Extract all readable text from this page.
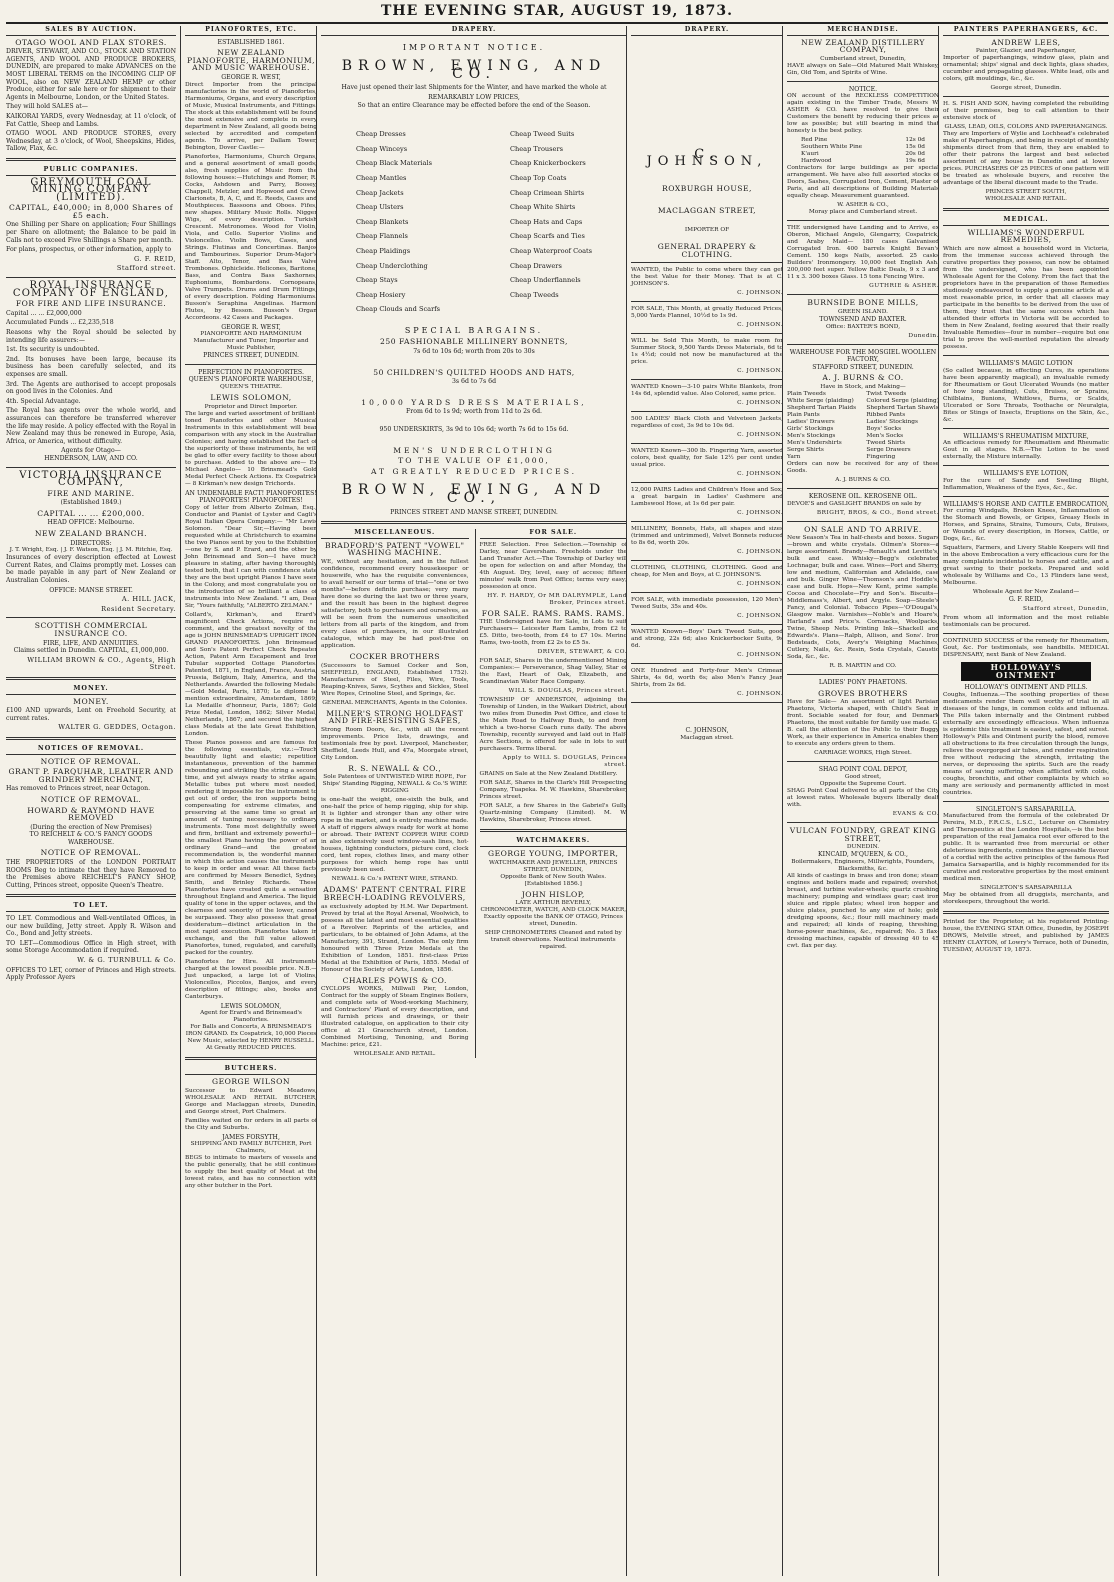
THE EVENING STAR, AUGUST 19, 1873.
SALES BY AUCTION.
OTAGO WOOL AND FLAX STORES.

DRIVER, STEWART, AND CO., STOCK AND STATION AGENTS, AND WOOL AND PRODUCE BROKERS, DUNEDIN, are prepared to make ADVANCES on the MOST LIBERAL TERMS on the INCOMING CLIP OF WOOL, also on NEW ZEALAND HEMP or other Produce, either for sale here or for shipment to their Agents in Melbourne, London, or the United States.

They will hold SALES at—

KAIKORAI YARDS, every Wednesday, at 11 o'clock, of Fat Cattle, Sheep and Lambs.

OTAGO WOOL AND PRODUCE STORES, every Wednesday, at 3 o'clock, of Wool, Sheepskins, Hides, Tallow, Flax, &c.

PUBLIC COMPANIES.
GREYMOUTH COAL MINING COMPANY (LIMITED).
CAPITAL, £40,000; in 8,000 Shares of £5 each.

One Shilling per Share on application; Four Shillings per Share on allotment; the Balance to be paid in Calls not to exceed Five Shillings a Share per month.

For plans, prospectus, or other information, apply to

G. F. REID,
Stafford street.
ROYAL INSURANCE COMPANY OF ENGLAND,
FOR FIRE AND LIFE INSURANCE.

Capital ... ... £2,000,000

Accumulated Funds ... £2,235,518

Reasons why the Royal should be selected by intending life assurers:—

1st. Its security is undoubted.

2nd. Its bonuses have been large, because its business has been carefully selected, and its expenses are small.

3rd. The Agents are authorised to accept proposals on good lives in the Colonies. And

4th. Special Advantage.

The Royal has agents over the whole world, and assurances can therefore be transferred wherever the life may reside. A policy effected with the Royal in New Zealand may thus be renewed in Europe, Asia, Africa, or America, without difficulty.

Agents for Otago—
HENDERSON, LAW, AND CO.
VICTORIA INSURANCE COMPANY,
FIRE AND MARINE.
(Established 1849.)
CAPITAL ... ... £200,000.
HEAD OFFICE: Melbourne.
NEW ZEALAND BRANCH.
DIRECTORS:
J. T. Wright, Esq. | J. F. Watson, Esq. | J. M. Ritchie, Esq.

Insurances of every description effected at Lowest Current Rates, and Claims promptly met. Losses can be made payable in any part of New Zealand or Australian Colonies.

OFFICE: MANSE STREET.
A. HILL JACK,
Resident Secretary.
SCOTTISH COMMERCIAL INSURANCE CO.
FIRE, LIFE, AND ANNUITIES.
Claims settled in Dunedin. CAPITAL, £1,000,000.
WILLIAM BROWN & CO., Agents, High Street.
MONEY.
MONEY.

£100 AND upwards, Lent on Freehold Security, at current rates.

WALTER G. GEDDES, Octagon.
NOTICES OF REMOVAL.
NOTICE OF REMOVAL.
GRANT P. FARQUHAR, LEATHER AND GRINDERY MERCHANT,

Has removed to Princes street, near Octagon.

NOTICE OF REMOVAL.
HOWARD & RAYMOND HAVE REMOVED
(During the erection of New Premises)
TO REICHELT & CO.'S FANCY GOODS WAREHOUSE.
NOTICE OF REMOVAL.

THE PROPRIETORS of the LONDON PORTRAIT ROOMS Beg to intimate that they have Removed to the Premises above REICHELT'S FANCY SHOP, Cutting, Princes street, opposite Queen's Theatre.

TO LET.

TO LET. Commodious and Well-ventilated Offices, in our new building, Jetty street. Apply R. Wilson and Co., Bond and Jetty streets.

TO LET—Commodious Office in High street, with some Storage Accommodation if required.

W. & G. TURNBULL & Co.

OFFICES TO LET, corner of Princes and High streets. Apply Professor Ayers

PIANOFORTES, ETC.
ESTABLISHED 1861.
NEW ZEALAND PIANOFORTE, HARMONIUM, AND MUSIC WAREHOUSE.
GEORGE R. WEST,

Direct Importer from the principal manufactories in the world of Pianofortes, Harmoniums, Organs, and every description of Music, Musical Instruments, and Fittings. The stock at this establishment will be found the most extensive and complete in every department in New Zealand, all goods being selected by accredited and competent agents. To arrive, per Dallam Tower, Bebington, Dover Castle:—

Pianofortes, Harmoniums, Church Organs, and a general assortment of small goods; also, fresh supplies of Music from the following houses:—Hutchings and Romer, R. Cocks, Ashdown and Parry, Boosey, Chappell, Metzler, and Hopwood and Crew. Clarionets, B, A, C, and E. Reeds, Cases and Mouthpieces. Bassoons and Oboes. Fifes, new shapes. Military Music Rolls. Nigger Wigs, of every description. Turkish Crescent. Metronomes. Wood for Violin, Viola, and Cello. Superior Violins and Violoncellos. Violin Bows, Cases, and Strings. Flutinas and Concertinas. Banjos and Tambourines. Superior Drum-Major's Staff. Alto, Tenor, and Bass Valve Trombones. Ophicleide. Helicones, Baritone, Bass, and Contra Bass Saxhornes, Euphoniums, Bombardons. Cornopeans, Valve Trumpets. Drums and Drum Fittings, of every description. Folding Harmoniums. Busson's Seraphina Angelinas. Harmoni Flutes, by Besson. Busson's Organ Accordeons. 42 Cases and Packages.

GEORGE R. WEST,
PIANOFORTE AND HARMONIUM Manufacturer and Tuner, Importer and Music Publisher,
PRINCES STREET, DUNEDIN.
PERFECTION IN PIANOFORTES.
QUEEN'S PIANOFORTE WAREHOUSE,
QUEEN'S THEATRE.
LEWIS SOLOMON,
Proprietor and Direct Importer.

The large and varied assortment of brilliant-toned Pianofortes and other Musical Instruments in this establishment will bear comparison with any stock in the Australian Colonies; and having established the fact of the superiority of these instruments, he will be glad to offer every facility to those about to purchase. Added to the above are— Ex Michael Angelo— 10 Brinsmead's Gold Medal Perfect Check Actions. Ex Cospatrick— 8 Kirkman's new design Trichords.

AN UNDENIABLE FACT! PIANOFORTES! PIANOFORTES! PIANOFORTES!

Copy of letter from Alberto Zelman, Esq., Conductor and Pianist of Lyster and Cagli's Royal Italian Opera Company:— "Mr Lewis Solomon. "Dear Sir,—Having been requested while at Christchurch to examine the two Pianos sent by you to the Exhibition—one by S. and P. Erard, and the other by John Brinsmead and Son—I have much pleasure in stating, after having thoroughly tested both, that I can with confidence state they are the best upright Pianos I have seen in the Colony, and most congratulate you on the introduction of so brilliant a class of instruments into New Zealand. "I am, Dear Sir, "Yours faithfully, "ALBERTO ZELMAN."

Collard's, Kirkman's, and Erard's magnificent Check Actions, require no comment, and the greatest novelty of the age is JOHN BRINSMEAD'S UPRIGHT IRON GRAND PIANOFORTES. John Brinsmead and Son's Patent Perfect Check Repeater Action, Patent Arm Escapement and Iron Tubular supported Cottage Pianofortes. Patented, 1871, in England, France, Austria, Prussia, Belgium, Italy, America, and the Netherlands. Awarded the following Medals:—Gold Medal, Paris, 1870; Le diplome la mention extraordinaire, Amsterdam, 1869; La Medaille d'honneur, Paris, 1867; Gold Prize Medal, London, 1862; Silver Medal, Netherlands, 1867; and secured the highest class Medals at the late Great Exhibition, London.

These Pianos possess and are famous for the following essentials, viz.:—Touch beautifully light and elastic; repetition instantaneous, prevention of the hammer rebounding and striking the string a second time, and yet always ready to strike again; Metallic tubes put where most needed, rendering it impossible for the instrument to get out of order, the iron supports being compensating for extreme climates, and preserving at the same time so great an amount of tuning necessary to ordinary instruments. Tone most delightfully sweet and firm, brilliant and extremely powerful—the smallest Piano having the power of an ordinary Grand—and the greatest recommendation is, the wonderful manner in which this action causes the instruments to keep in order and wear. All these facts are confirmed by Messrs Benedict, Sydney Smith, and Brinley Richards. These Pianofortes have created quite a sensation throughout England and America. The liquid quality of tone in the upper octaves, and the clearness and sonority of the lower, cannot be surpassed. They also possess that great desideratum—distinct articulation in the most rapid execution. Pianofortes taken in exchange, and the full value allowed. Pianofortes, tuned, regulated, and carefully packed for the country.

Pianofortes for Hire. All instruments charged at the lowest possible price. N.B.—Just unpacked, a large lot of Violins, Violoncellos, Piccolos, Banjos, and every description of fittings; also, books and Canterburys.

LEWIS SOLOMON,
Agent for Erard's and Brinsmead's Pianofortes.

For Balls and Concerts, A BRINSMEAD'S IRON GRAND. Ex Cospatrick, 10,000 Pieces New Music, selected by HENRY RUSSELL. At Greatly REDUCED PRICES.

BUTCHERS.
GEORGE WILSON

Successor to Edward Meadows, WHOLESALE AND RETAIL BUTCHER, George and Maclaggan streets, Dunedin, and George street, Port Chalmers.

Families waited on for orders in all parts of the City and Suburbs.

JAMES FORSYTH,
SHIPPING AND FAMILY BUTCHER, Port Chalmers,

BEGS to intimate to masters of vessels and the public generally, that he still continues to supply the best quality of Meat at the lowest rates, and has no connection with any other butcher in the Port.

DRAPERY.
IMPORTANT NOTICE.
BROWN, EWING, AND CO.

Have just opened their last Shipments for the Winter, and have marked the whole at

REMARKABLY LOW PRICES,

So that an entire Clearance may be effected before the end of the Season.

Cheap Dresses
Cheap Winceys
Cheap Black Materials
Cheap Mantles
Cheap Jackets
Cheap Ulsters
Cheap Blankets
Cheap Flannels
Cheap Plaidings
Cheap Underclothing
Cheap Stays
Cheap Hosiery
Cheap Clouds and Scarfs
Cheap Tweed Suits
Cheap Trousers
Cheap Knickerbockers
Cheap Top Coats
Cheap Crimean Shirts
Cheap White Shirts
Cheap Hats and Caps
Cheap Scarfs and Ties
Cheap Waterproof Coats
Cheap Drawers
Cheap Underflannels
Cheap Tweeds
SPECIAL BARGAINS.
250 FASHIONABLE MILLINERY BONNETS,
7s 6d to 10s 6d; worth from 20s to 30s
50 CHILDREN'S QUILTED HOODS AND HATS,
3s 6d to 7s 6d
10,000 YARDS DRESS MATERIALS,
From 6d to 1s 9d; worth from 11d to 2s 6d.
950 UNDERSKIRTS, 3s 9d to 10s 6d; worth 7s 6d to 15s 6d.
MEN'S UNDERCLOTHING
TO THE VALUE OF £1,000,
AT GREATLY REDUCED PRICES.
BROWN, EWING, AND CO.,
PRINCES STREET AND MANSE STREET, DUNEDIN.
MISCELLANEOUS.
BRADFORD'S PATENT "VOWEL" WASHING MACHINE.

WE, without any hesitation, and in the fullest confidence, recommend every housekeeper or housewife, who has the requisite conveniences, to avail herself or our terms of trial—"one or two months"—before definite purchase; very many have done so during the last two or three years, and the result has been in the highest degree satisfactory, both to purchasers and ourselves, as will be seen from the numerous unsolicited letters from all parts of the kingdom, and from every class of purchasers, in our illustrated catalogue, which may be had post-free on application.

COCKER BROTHERS

(Successors to Samuel Cocker and Son, SHEFFIELD, ENGLAND, Established 1752). Manufacturers of Steel, Files, Wire, Tools, Reaping-Knives, Saws, Scythes and Sickles, Steel Wire Ropes, Crinoline Steel, and Springs, &c.

GENERAL MERCHANTS, Agents in the Colonies.
MILNER'S STRONG HOLDFAST AND FIRE-RESISTING SAFES,

Strong Room Doors, &c., with all the recent improvements. Price lists, drawings, and testimonials free by post. Liverpool, Manchester, Sheffield, Leeds Hull, and 47a, Moorgate street, City London.

R. S. NEWALL & CO.,

Sole Patentees of UNTWISTED WIRE ROPE, For Ships' Standing Rigging, NEWALL & Co.'S WIRE RIGGING

is one-half the weight, one-sixth the bulk, and one-half the price of hemp rigging, ship for ship. It is lighter and stronger than any other wire rope in the market, and is entirely machine made. A staff of riggers always ready for work at home or abroad. Their PATENT COPPER WIRE CORD in also extensively used window-sash lines, hot-houses, lightning conductors, picture cord, clock cord, tent ropes, clothes lines, and many other purposes for which hemp rope has until previously been used.

NEWALL & Co.'s PATENT WIRE, STRAND.
ADAMS' PATENT CENTRAL FIRE BREECH-LOADING REVOLVERS,

as exclusively adopted by H.M. War Department. Proved by trial at the Royal Arsenal, Woolwich, to possess all the latest and most essential qualities of a Revolver. Reprints of the articles, and particulars, to be obtained of John Adams, at the Manufactory, 391, Strand, London. The only firm honoured with Three Prize Medals at the Exhibition of London, 1851. first-class Prize Medal at the Exhibition of Paris, 1855. Medal of Honour of the Society of Arts, London, 1856.

CHARLES POWIS & CO.

CYCLOPS WORKS, Millwall Pier, London, Contract for the supply of Steam Engines Boilers, and complete sets of Wood-working Machinery, and Contractors' Plant of every description, and will furnish prices and drawings, or their illustrated catalogue, on application to their city office at 21 Gracechurch street, London. Combined Mortising, Tenoning, and Boring Machine: price, £21.

WHOLESALE AND RETAIL.
FOR SALE.

FREE Selection. Free Selection.—Township of Darley, near Caversham. Freeholds under the Land Transfer Act.—The Township of Darley will be open for selection on and after Monday, the 4th August. Dry, level, easy of access; fifteen minutes' walk from Post Office; terms very easy; possession at once.

HY. F. HARDY, Or MR DALRYMPLE, Land Broker, Princes street.
FOR SALE. RAMS. RAMS. RAMS.

THE Undersigned have for Sale, in Lots to suit Purchasers— Leicester Ram Lambs, from £2 to £5. Ditto, two-tooth, from £4 to £7 10s. Merino Rams, two-tooth, from £2 2s to £5 5s.

DRIVER, STEWART, & CO.

FOR SALE, Shares in the undermentioned Mining Companies:— Perseverance, Shag Valley, Star of the East, Heart of Oak, Elizabeth, and Scandinavian Water Race Company.

WILL S. DOUGLAS, Princes street.

TOWNSHIP OF ANDERSTON, adjoining the Township of Linden, in the Waikari District, about two miles from Dunedin Post Office, and close to the Main Road to Halfway Bush, to and from which a two-horse Coach runs daily. The above Township, recently surveyed and laid out in Half-Acre Sections, is offered for sale in lots to suit purchasers. Terms liberal.

Apply to WILL S. DOUGLAS, Princes street.

GRAINS on Sale at the New Zealand Distillery.

FOR SALE, Shares in the Clark's Hill Prospecting Company, Tuapeka. M. W. Hawkins, Sharebroker, Princes street.

FOR SALE, a few Shares in the Gabriel's Gully Quartz-mining Company (Limited). M. W. Hawkins, Sharebroker, Princes street.

WATCHMAKERS.
GEORGE YOUNG, IMPORTER,
WATCHMAKER AND JEWELLER, PRINCES STREET, DUNEDIN,
Opposite Bank of New South Wales.
[Established 1856.]
JOHN HISLOP,
LATE ARTHUR BEVERLY,
CHRONOMETER, WATCH, AND CLOCK MAKER,

Exactly opposite the BANK OF OTAGO, Princes street, Dunedin.

SHIP CHRONOMETERS Cleaned and rated by transit observations. Nautical instruments repaired.

DRAPERY.
C. JOHNSON,
ROXBURGH HOUSE,
MACLAGGAN STREET,
IMPORTER OF
GENERAL DRAPERY & CLOTHING.

WANTED, the Public to come where they can get the best Value for their Money. That is at C. JOHNSON'S.

C. JOHNSON.

FOR SALE, This Month, at greatly Reduced Prices, 5,000 Yards Flannel, 10½d to 1s 9d.

C. JOHNSON.

WILL be Sold This Month, to make room for Summer Stock, 9,500 Yards Dress Materials, 6d to 1s 4½d; could not now be manufactured at the price.

C. JOHNSON.

WANTED Known—3-10 pairs White Blankets, from 14s 6d, splendid value. Also Colored, same price.

C. JOHNSON.

500 LADIES' Black Cloth and Velveteen Jackets, regardless of cost, 3s 9d to 10s 6d.

C. JOHNSON.

WANTED Known—300 lb. Fingering Yarn, assorted colors, best quality, for Sale 12½ per cent under usual price.

C. JOHNSON.

12,000 PAIRS Ladies and Children's Hose and Sox; a great bargain in Ladies' Cashmere and Lambswool Hose, at 1s 6d per pair.

C. JOHNSON.

MILLINERY, Bonnets, Hats, all shapes and sizes (trimmed and untrimmed), Velvet Bonnets reduced to 8s 6d, worth 20s.

C. JOHNSON.

CLOTHING, CLOTHING, CLOTHING. Good and cheap, for Men and Boys, at C. JOHNSON'S.

C. JOHNSON.

FOR SALE, with immediate possession, 120 Men's Tweed Suits, 35s and 40s.

C. JOHNSON.

WANTED Known—Boys' Dark Tweed Suits, good and strong, 22s 6d; also Knickerbocker Suits, 9s 6d.

C. JOHNSON.

ONE Hundred and Forty-four Men's Crimean Shirts, 4s 6d, worth 6s; also Men's Fancy Jean Shirts, from 2s 6d.

C. JOHNSON.
C. JOHNSON,
Maclaggan street.
MERCHANDISE.
NEW ZEALAND DISTILLERY COMPANY,
Cumberland street, Dunedin,

HAVE always on Sale—Old Matured Malt Whiskey, Gin, Old Tom, and Spirits of Wine.

NOTICE.

ON account of the RECKLESS COMPETITION again existing in the Timber Trade, Messrs W. ASHER & CO. have resolved to give their Customers the benefit by reducing their prices as low as possible; but still bearing in mind that honesty is the best policy.

Red Pine	12s 0d
Southern White Pine	15s 0d
K'auri	20s 0d
Hardwood	19s 6d

Contractors for large buildings as per special arrangement. We have also full assorted stocks of Doors, Sashes, Corrugated Iron, Cement, Plaster of Paris, and all descriptions of Building Materials equally cheap. Measurement guaranteed.

W. ASHER & CO.,
Moray place and Cumberland street.

THE undersigned have Landing and to Arrive, ex Oberon, Michael Angelo, Glengarry, Cospatrick, and Araby Maid— 180 cases Galvanised Corrugated Iron. 400 barrels Knight Bevan's Cement. 150 kegs Nails, assorted. 25 casks Builders' Ironmongery. 10,000 feet English Ash. 200,000 feet super. Yellow Baltic Deals, 9 x 3 and 11 x 3. 300 boxes Glass. 15 tons Fencing Wire.

GUTHRIE & ASHER.
BURNSIDE BONE MILLS,
GREEN ISLAND.
TOWNSEND AND BAXTER.
Office: BAXTER'S BOND,
Dunedin.
WAREHOUSE FOR THE MOSGIEL WOOLLEN FACTORY,
STAFFORD STREET, DUNEDIN.
A. J. BURNS & CO.
Have in Stock, and Making—
Plain Tweeds
White Serge (plaiding)
Shepherd Tartan Plaids
Plain Pants
Ladies' Drawers
Girls' Stockings
Men's Stockings
Men's Undershirts
Serge Shirts
Yarn
Twist Tweeds
Colored Serge (plaiding)
Shepherd Tartan Shawls
Ribbed Pants
Ladies' Stockings
Boys' Socks
Men's Socks
Tweed Shirts
Serge Drawers
Fingering

Orders can now be received for any of these Goods.

A. J. BURNS & CO.
KEROSENE OIL. KEROSENE OIL.

DEVOE'S and GASLIGHT BRANDS on sale by

BRIGHT, BROS, & CO., Bond street.
ON SALE AND TO ARRIVE.

New Season's Tea in half-chests and boxes. Sugars—brown and white crystals. Oilmen's Stores—a large assortment. Brandy—Renault's and Levitte's, bulk and case. Whisky—Begg's celebrated Lochnagar, bulk and case. Wines—Port and Sherry, low and medium, Californian and Adelaide, case and bulk. Ginger Wine—Thomson's and Hoddle's, case and bulk. Hops—New Kent, prime sample. Cocoa and Chocolate—Fry and Son's. Biscuits—Middlemass's, Albert, and Argyle. Soap—Steele's Fancy, and Colonial. Tobacco Pipes—'O'Dougal's, Glasgow make. Varnishes—Noble's and Hoare's, Harland's and Price's. Cornsacks, Woolpacks, Twine, Sheep Nets. Printing Ink—Shackell and Edwards's. Plans—Ralph, Allison, and Sons'. Iron Bedsteads, Cots, Avery's Weighing Machines, Cutlery, Nails, &c. Resin, Soda Crystals, Caustic Soda, &c., &c.

R. B. MARTIN and CO.
LADIES' PONY PHAETONS.
GROVES BROTHERS

Have for Sale— An assortment of light Parisian Phaetons, Victoria shaped, with Child's Seat in front. Sociable seated for four, and Denmark Phaetons, the most suitable for family use made. G. B. call the attention of the Public to their Buggy Work, as their experience in America enables them to execute any orders given to them.

CARRIAGE WORKS, High Street.
SHAG POINT COAL DEPOT,
Good street,
Opposite the Supreme Court.

SHAG Point Coal delivered to all parts of the City at lowest rates. Wholesale buyers liberally dealt with.

EVANS & CO.
VULCAN FOUNDRY, GREAT KING STREET,
DUNEDIN.
KINCAID, M'QUEEN, & CO.,
Boilermakers, Engineers, Millwrights, Founders, Blacksmiths, &c.

All kinds of castings in brass and iron done; steam engines and boilers made and repaired; overshot, breast, and turbine water-wheels; quartz crushing machinery; pumping and windlass gear; cast iron sluice and ripple plates; wheel iron hopper and sluice plates, punched to any size of hole; gold dredging spoons, &c.; flour mill machinery made and repaired; all kinds of reaping, threshing, horse-power machines, &c., repaired; No. 3 flax-dressing machines, capable of dressing 40 to 45 cwt. flax per day.

PAINTERS PAPERHANGERS, &C.
ANDREW LEES,
Painter, Glazier, and Paperhanger,

Importer of paperhangings, window glass, plain and ornamental; ships' signal and deck lights, glass shades, cucumber and propagating glasses. White lead, oils and colors, gilt mouldings, &c., &c.

George street, Dunedin.

H. S. FISH AND SON, having completed the rebuilding of their premises, beg to call attention to their extensive stock of

GLASS, LEAD, OILS, COLORS AND PAPERHANGINGS.

They are Importers of Wylie and Lochhead's celebrated make of Paperhangings, and being in receipt of monthly shipments direct from that firm, they are enabled to offer their patrons the largest and best selected assortment of any house in Dunedin and at lower prices. PURCHASERS OF 25 PIECES of one pattern will be treated as wholesale buyers, and receive the advantage of the liberal discount made to the Trade.

PRINCES STREET SOUTH,
WHOLESALE AND RETAIL.
MEDICAL.
WILLIAMS'S WONDERFUL REMEDIES,

Which are now almost a household word in Victoria, from the immense success achieved through the curative properties they possess, can now be obtained from the undersigned, who has been appointed Wholesale Agent for the Colony. From the fact that the proprietors have in the preparation of those Remedies studiously endeavoured to supply a genuine article at a most reasonable price, in order that all classes may participate in the benefits to be derived from the use of them, they trust that the same success which has attended their efforts in Victoria will be accorded to them in New Zealand, feeling assured that their really Invaluable Remedies—four in number—require but one trial to prove the well-merited reputation the already possess.

WILLIAMS'S MAGIC LOTION

(So called because, in effecting Cures, its operations have been apparently magical), an invaluable remedy for Rheumatism or Gout Ulcerated Wounds (no matter of how long standing), Cuts, Bruises, or Sprains, Chilblains, Bunions, Whitlows, Burns, or Scalds, Ulcerated or Sore Throats, Toothache or Neuralgia, Bites or Stings of Insects, Eruptions on the Skin, &c., &c.

WILLIAMS'S RHEUMATISM MIXTURE,

An efficacious remedy for Rheumatism and Rheumatic Gout in all stages. N.B.—The Lotion to be used externally, the Mixture internally.

WILLIAMS'S EYE LOTION,

For the cure of Sandy and Swelling Blight, Inflammation, Weakness of the Eyes, &c., &c.

WILLIAMS'S HORSE AND CATTLE EMBROCATION,

For curing Windgalls, Broken Knees, Inflammation of the Stomach and Bowels, or Gripes, Greasy Heels in Horses, and Sprains, Strains, Tumours, Cuts, Bruises, or Wounds of every description, in Horses, Cattle, or Dogs, &c., &c.

Squatters, Farmers, and Livery Stable Keepers will find in the above Embrocation a very efficacious cure for the many complaints incidental to horses and cattle, and a great saving to their pockets. Prepared and sold wholesale by Williams and Co., 13 Flinders lane west, Melbourne.

Wholesale Agent for New Zealand—
G. F. REID,
Stafford street, Dunedin,

From whom all information and the most reliable testimonials can be procured.

CONTINUED SUCCESS of the remedy for Rheumatism, Gout, &c. For testimonials, see handbills. MEDICAL DISPENSARY, next Bank of New Zealand.

HOLLOWAY'S OINTMENT
HOLLOWAY'S OINTMENT AND PILLS.

Coughs, Influenza.—The soothing properties of these medicaments render them well worthy of trial in all diseases of the lungs, in common colds and influenza. The Pills taken internally and the Ointment rubbed externally are exceedingly efficacious. When influenza is epidemic this treatment is easiest, safest, and surest. Holloway's Pills and Ointment purify the blood, remove all obstructions to its free circulation through the lungs, relieve the overgorged air tubes, and render respiration free without reducing the strength, irritating the nerves, or depressing the spirits. Such are the ready means of saving suffering when afflicted with colds, coughs, bronchitis, and other complaints by which so many are seriously and permanently afflicted in most countries.

SINGLETON'S SARSAPARILLA.

Manufactured from the formula of the celebrated Dr Pereira, M.D., F.R.C.S., L.S.C., Lecturer on Chemistry and Therapeutics at the London Hospitals,—is the best preparation of the real Jamaica root ever offered to the public. It is warranted free from mercurial or other deleterious ingredients, combines the agreeable flavour of a cordial with the active principles of the famous Red Jamaica Sarsaparilla, and is highly recommended for its curative and restorative properties by the most eminent medical men.

SINGLETON'S SARSAPARILLA

May be obtained from all druggists, merchants, and storekeepers, throughout the world.

Printed for the Proprietor, at his registered Printing-house, the EVENING STAR Office, Dunedin, by JOSEPH DROWS, Melville street, and published by JAMES HENRY CLAYTON, of Lowry's Terrace, both of Dunedin, TUESDAY, AUGUST 19, 1873.
